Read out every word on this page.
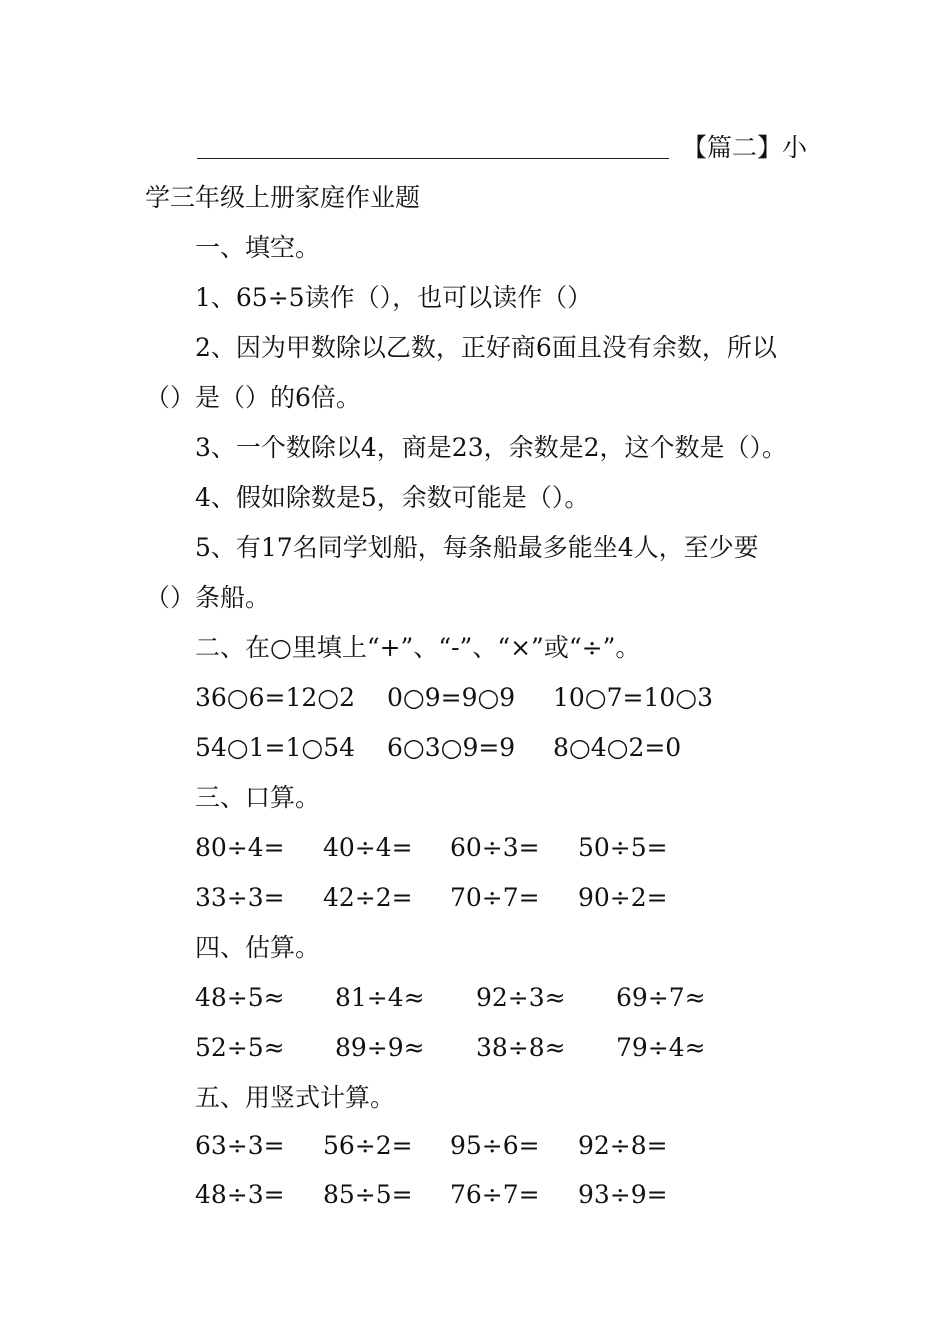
【篇二】小
学三年级上册家庭作业题
一、填空。
1、65÷5读作（），也可以读作（）
2、因为甲数除以乙数，正好商6面且没有余数，所以
（）是（）的6倍。
3、一个数除以4，商是23，余数是2，这个数是（）。
4、假如除数是5，余数可能是（）。
5、有17名同学划船，每条船最多能坐4人，至少要
（）条船。
二、在○里填上“+”、“-”、“×”或“÷”。
36○6=12○2 0○9=9○9 10○7=10○3
54○1=1○54 6○3○9=9 8○4○2=0
三、口算。
80÷4= 40÷4= 60÷3= 50÷5=
33÷3= 42÷2= 70÷7= 90÷2=
四、估算。
48÷5≈ 81÷4≈ 92÷3≈ 69÷7≈
52÷5≈ 89÷9≈ 38÷8≈ 79÷4≈
五、用竖式计算。
63÷3= 56÷2= 95÷6= 92÷8=
48÷3= 85÷5= 76÷7= 93÷9=
